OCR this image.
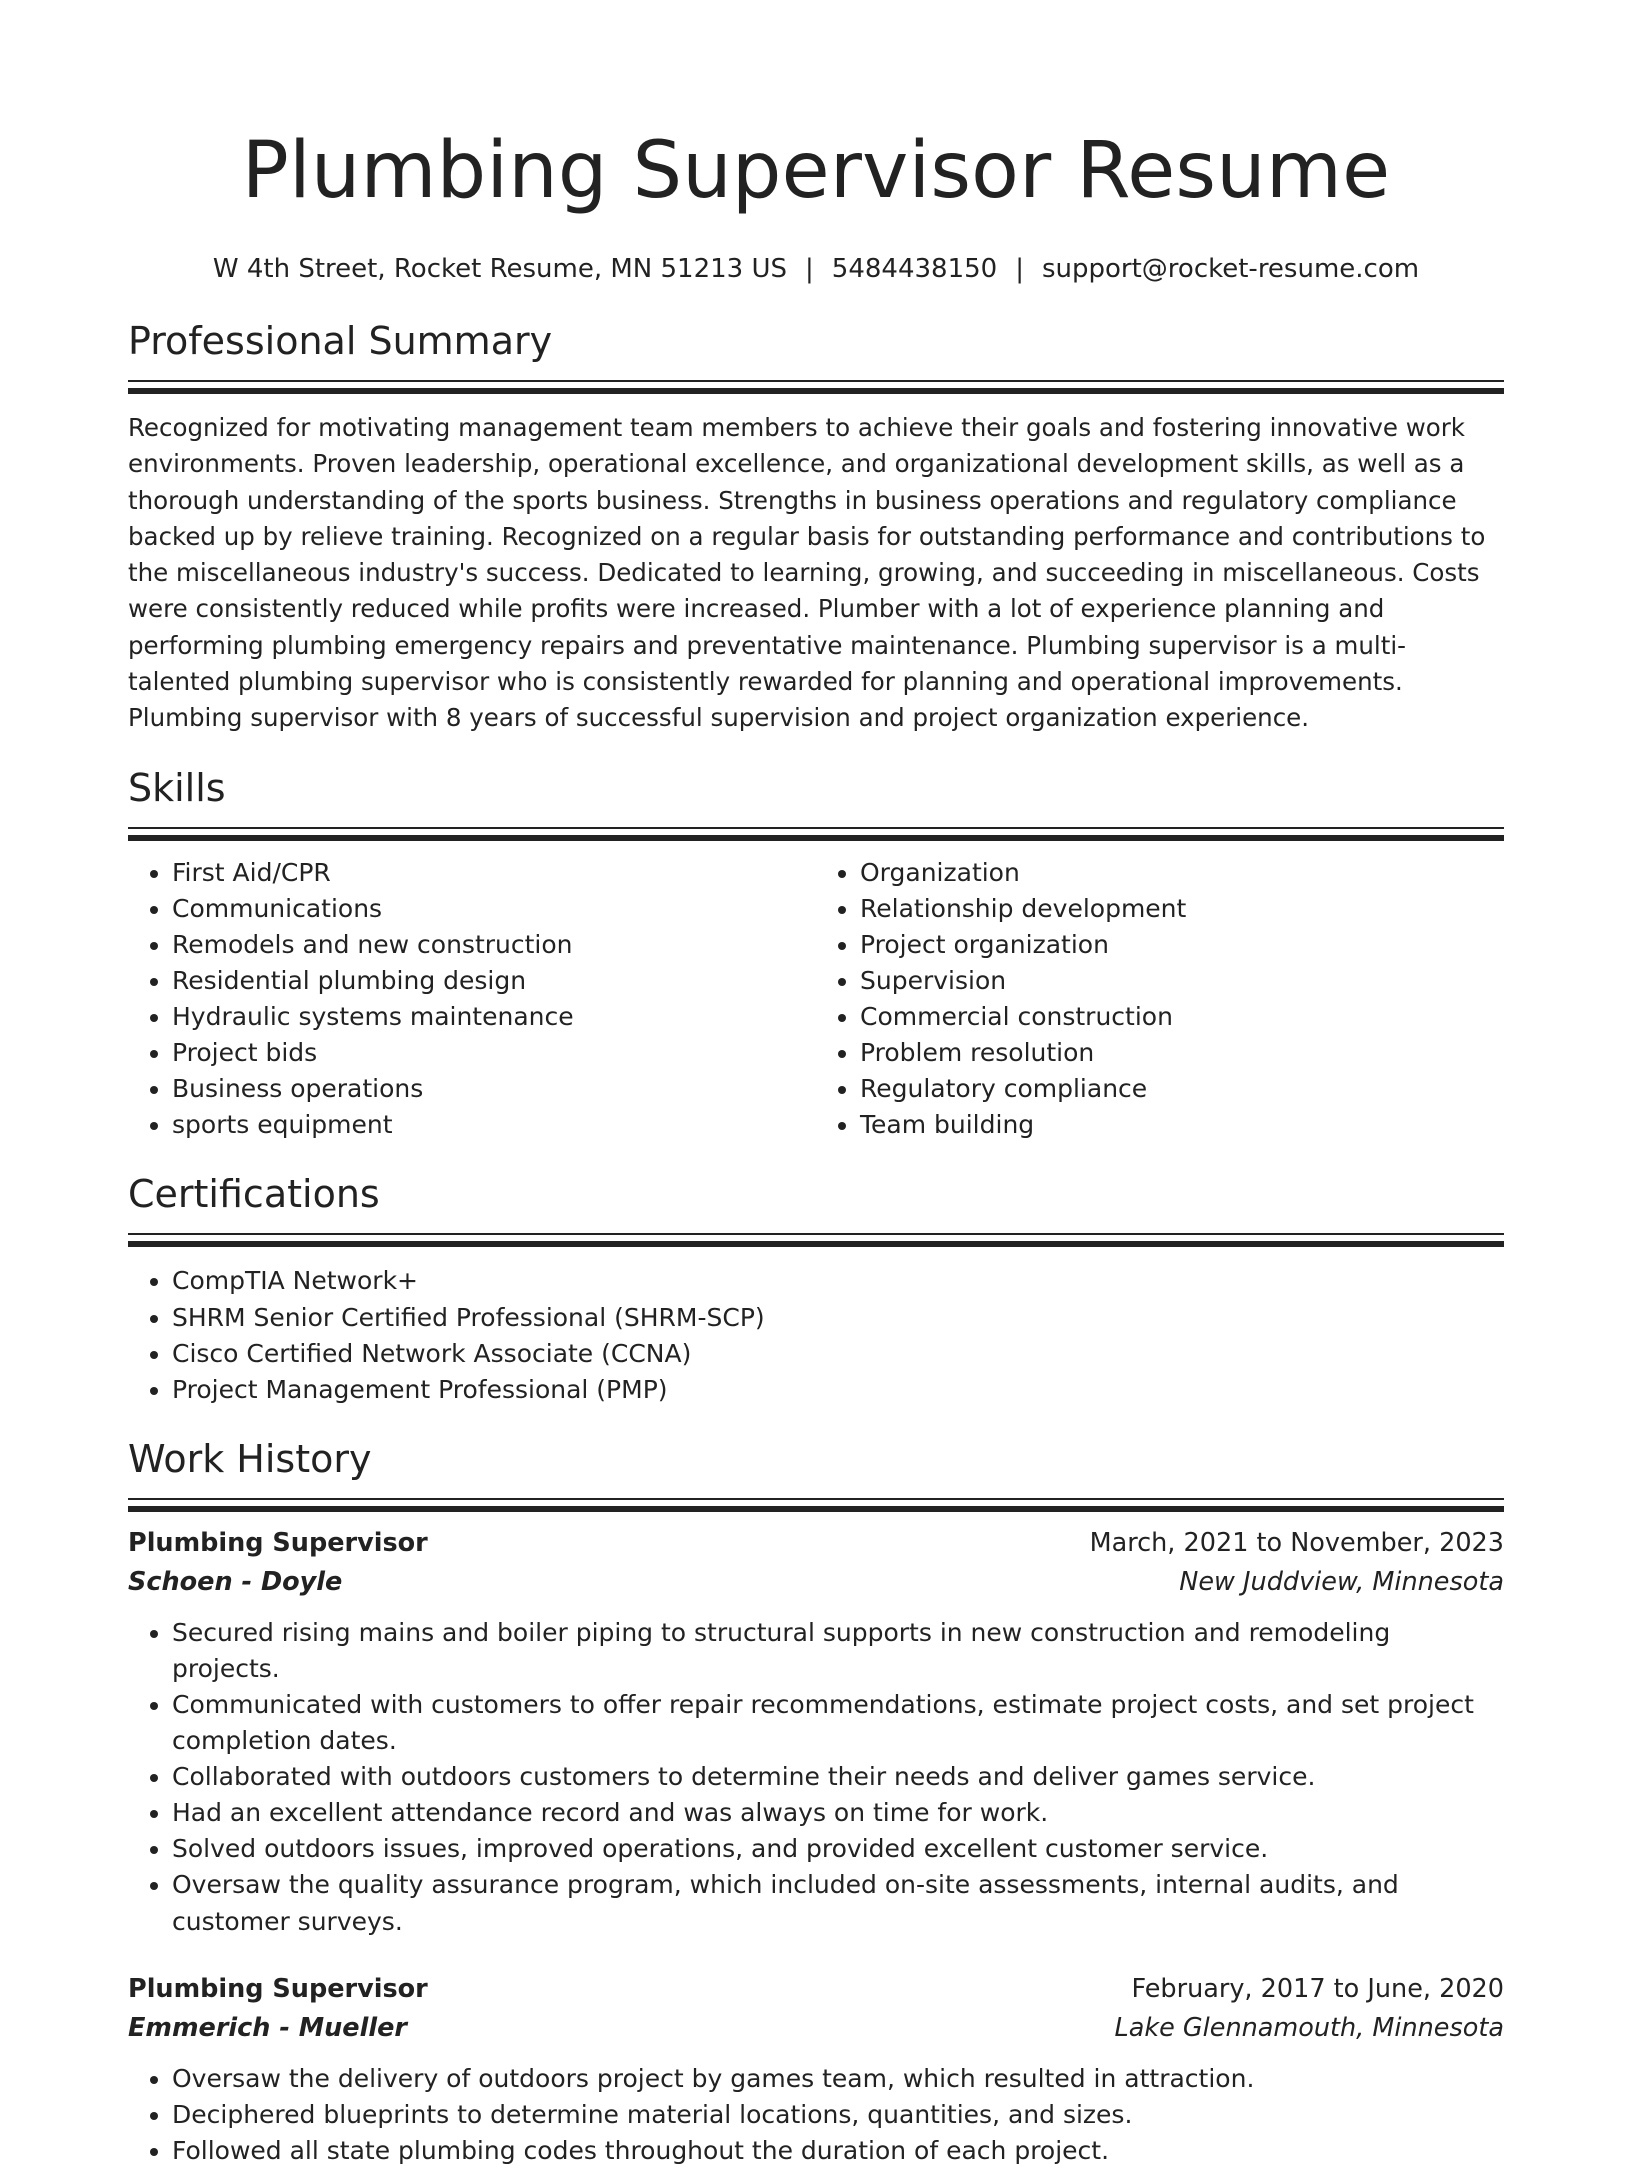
Plumbing Supervisor Resume
W 4th Street, Rocket Resume, MN 51213 US | 5484438150 | support@rocket-resume.com
Professional Summary

Recognized for motivating management team members to achieve their goals and fostering innovative work environments. Proven leadership, operational excellence, and organizational development skills, as well as a thorough understanding of the sports business. Strengths in business operations and regulatory compliance backed up by relieve training. Recognized on a regular basis for outstanding performance and contributions to the miscellaneous industry's success. Dedicated to learning, growing, and succeeding in miscellaneous. Costs were consistently reduced while profits were increased. Plumber with a lot of experience planning and performing plumbing emergency repairs and preventative maintenance. Plumbing supervisor is a multi-talented plumbing supervisor who is consistently rewarded for planning and operational improvements. Plumbing supervisor with 8 years of successful supervision and project organization experience.

Skills
• First Aid/CPR
• Communications
• Remodels and new construction
• Residential plumbing design
• Hydraulic systems maintenance
• Project bids
• Business operations
• sports equipment
• Organization
• Relationship development
• Project organization
• Supervision
• Commercial construction
• Problem resolution
• Regulatory compliance
• Team building
Certifications
• CompTIA Network+
• SHRM Senior Certified Professional (SHRM-SCP)
• Cisco Certified Network Associate (CCNA)
• Project Management Professional (PMP)
Work History
Plumbing Supervisor	March, 2021 to November, 2023
Schoen - Doyle	New Juddview, Minnesota
• Secured rising mains and boiler piping to structural supports in new construction and remodeling projects.
• Communicated with customers to offer repair recommendations, estimate project costs, and set project completion dates.
• Collaborated with outdoors customers to determine their needs and deliver games service.
• Had an excellent attendance record and was always on time for work.
• Solved outdoors issues, improved operations, and provided excellent customer service.
• Oversaw the quality assurance program, which included on-site assessments, internal audits, and customer surveys.
Plumbing Supervisor	February, 2017 to June, 2020
Emmerich - Mueller	Lake Glennamouth, Minnesota
• Oversaw the delivery of outdoors project by games team, which resulted in attraction.
• Deciphered blueprints to determine material locations, quantities, and sizes.
• Followed all state plumbing codes throughout the duration of each project.
